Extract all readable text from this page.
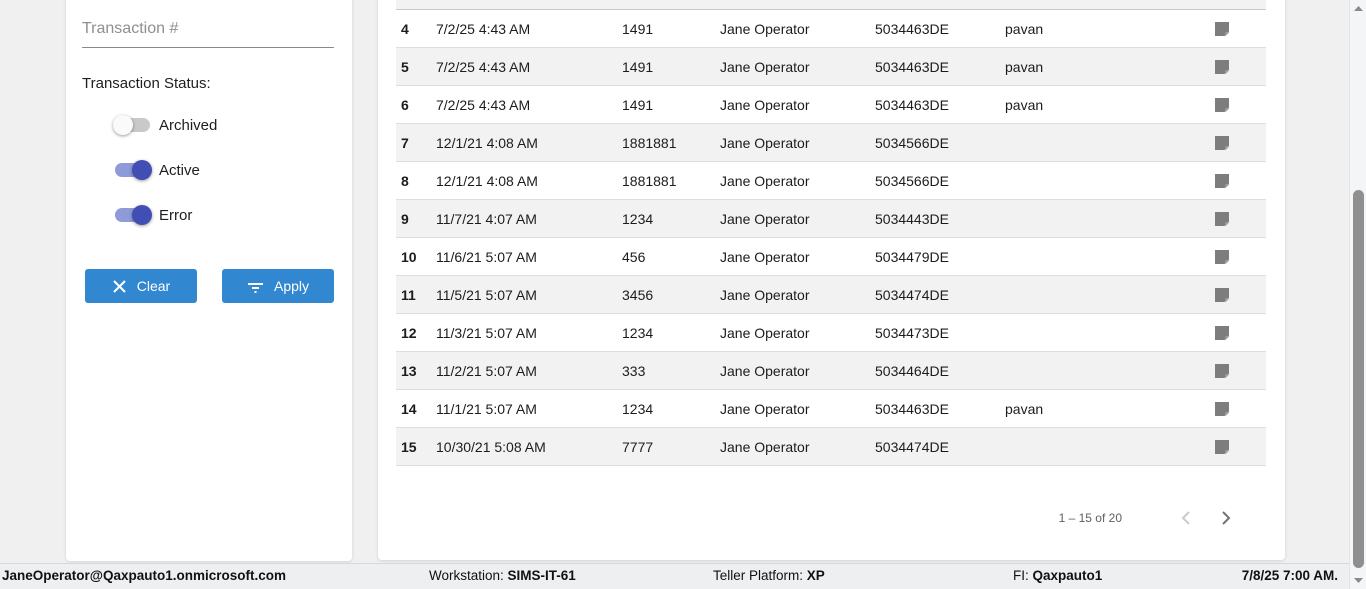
Transaction #
Transaction Status:
Archived
Active
Error
Clear	Apply
4	7/2/25 4:43 AM	1491	Jane Operator	5034463DE	pavan
5	7/2/25 4:43 AM	1491	Jane Operator	5034463DE	pavan
6	7/2/25 4:43 AM	1491	Jane Operator	5034463DE	pavan
7	12/1/21 4:08 AM	1881881	Jane Operator	5034566DE
8	12/1/21 4:08 AM	1881881	Jane Operator	5034566DE
9	11/7/21 4:07 AM	1234	Jane Operator	5034443DE
10	11/6/21 5:07 AM	456	Jane Operator	5034479DE
11	11/5/21 5:07 AM	3456	Jane Operator	5034474DE
12	11/3/21 5:07 AM	1234	Jane Operator	5034473DE
13	11/2/21 5:07 AM	333	Jane Operator	5034464DE
14	11/1/21 5:07 AM	1234	Jane Operator	5034463DE	pavan
15	10/30/21 5:08 AM	7777	Jane Operator	5034474DE
1 – 15 of 20
JaneOperator@Qaxpauto1.onmicrosoft.com	Workstation: SIMS-IT-61	Teller Platform: XP	FI: Qaxpauto1	7/8/25 7:00 AM.
